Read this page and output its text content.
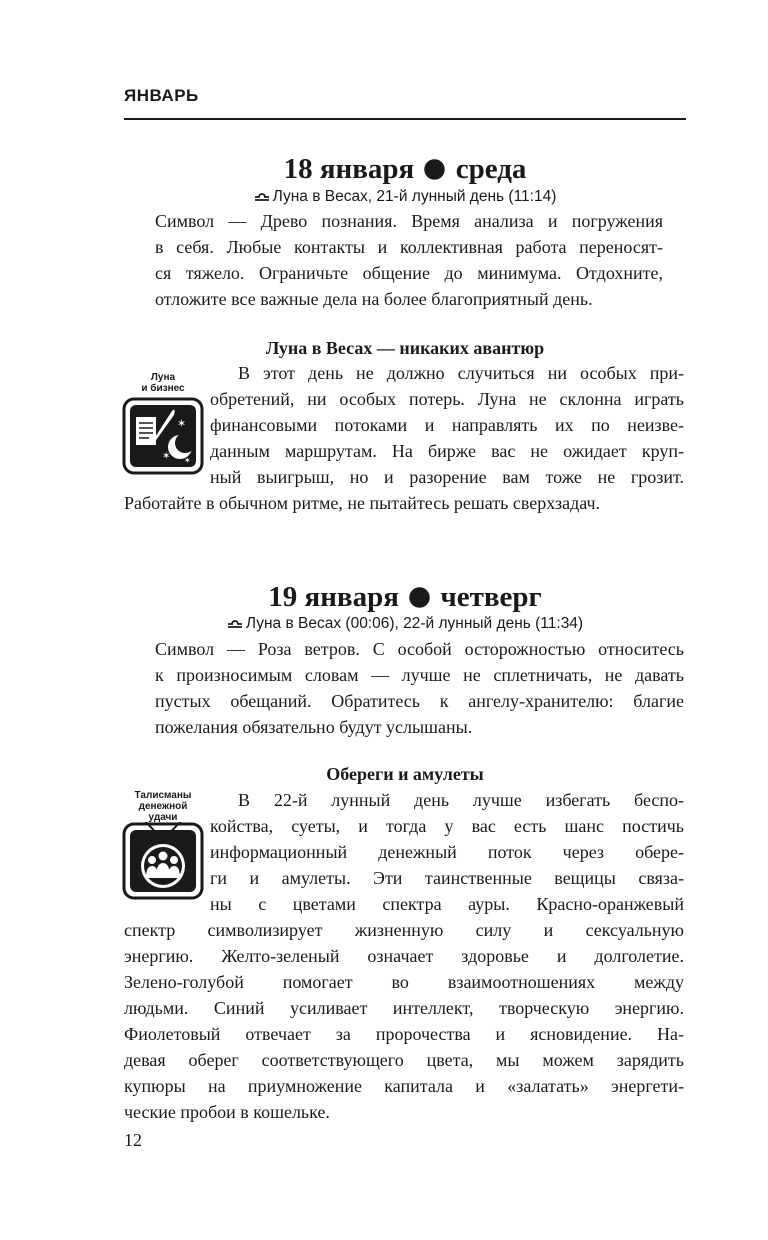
ЯНВАРЬ
18 января среда
Луна в Весах, 21-й лунный день (11:14)
Символ — Древо познания. Время анализа и погружения
в себя. Любые контакты и коллективная работа переносят-
ся тяжело. Ограничьте общение до минимума. Отдохните,
отложите все важные дела на более благоприятный день.
Луна в Весах — никаких авантюр
Луна
и бизнес
✶
✶ ✶
В этот день не должно случиться ни особых при-
обретений, ни особых потерь. Луна не склонна играть
финансовыми потоками и направлять их по неизве-
данным маршрутам. На бирже вас не ожидает круп-
ный выигрыш, но и разорение вам тоже не грозит.
Работайте в обычном ритме, не пытайтесь решать сверхзадач.
19 января четверг
Луна в Весах (00:06), 22-й лунный день (11:34)
Символ — Роза ветров. С особой осторожностью относитесь
к произносимым словам — лучше не сплетничать, не давать
пустых обещаний. Обратитесь к ангелу-хранителю: благие
пожелания обязательно будут услышаны.
Обереги и амулеты
Талисманы
денежной
удачи
В 22-й лунный день лучше избегать беспо-
койства, суеты, и тогда у вас есть шанс постичь
информационный денежный поток через обере-
ги и амулеты. Эти таинственные вещицы связа-
ны с цветами спектра ауры. Красно-оранжевый
спектр символизирует жизненную силу и сексуальную
энергию. Желто-зеленый означает здоровье и долголетие.
Зелено-голубой помогает во взаимоотношениях между
людьми. Синий усиливает интеллект, творческую энергию.
Фиолетовый отвечает за пророчества и ясновидение. На-
девая оберег соответствующего цвета, мы можем зарядить
купюры на приумножение капитала и «залатать» энергети-
ческие пробои в кошельке.
12
